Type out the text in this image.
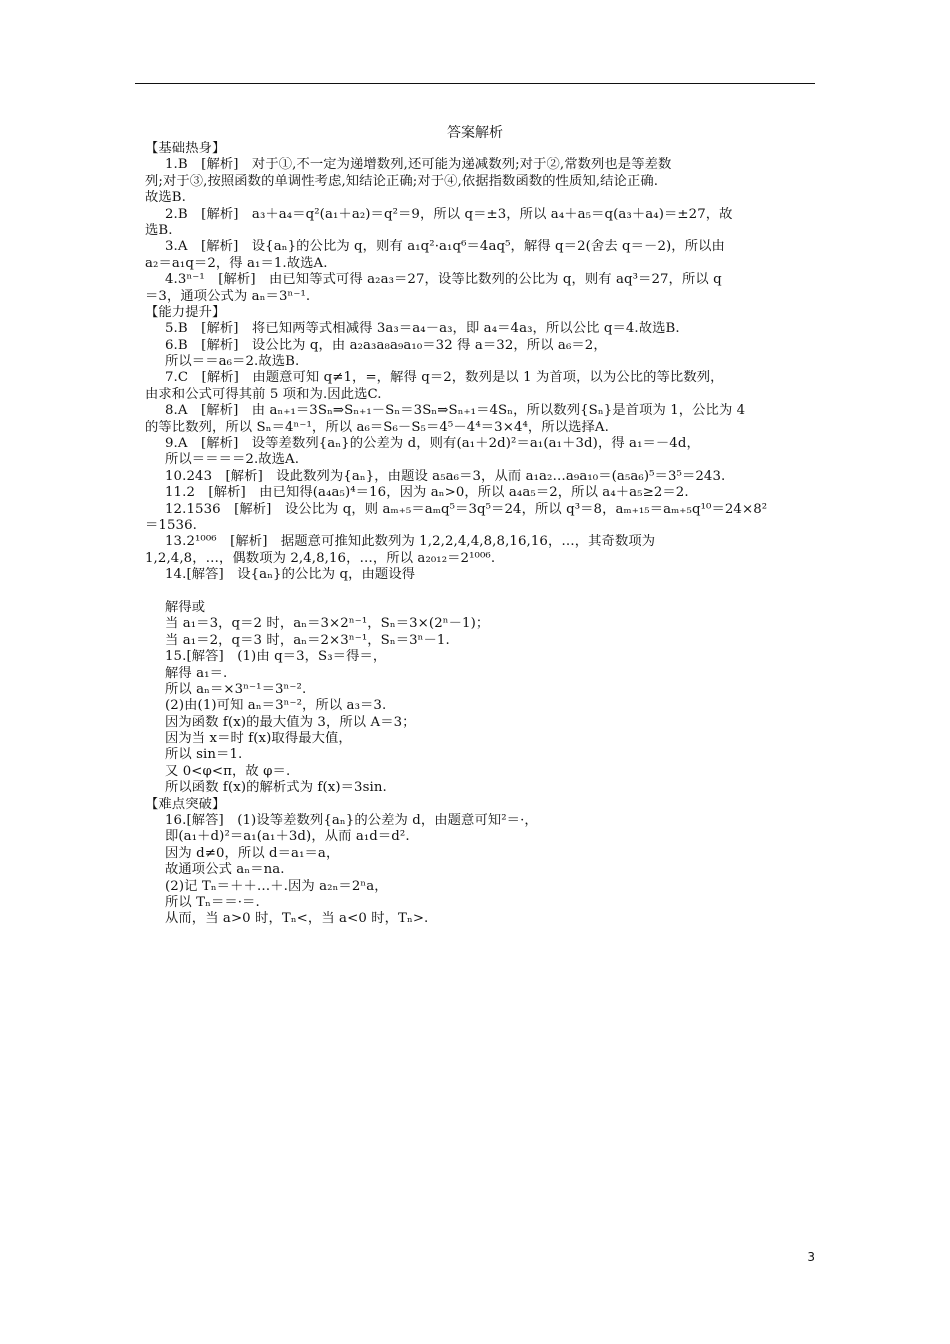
答案解析
【基础热身】
1.B　[解析]　对于①,不一定为递增数列,还可能为递减数列;对于②,常数列也是等差数
列;对于③,按照函数的单调性考虑,知结论正确;对于④,依据指数函数的性质知,结论正确.
故选B.
2.B　[解析]　a₃＋a₄＝q²(a₁＋a₂)＝q²＝9，所以 q＝±3，所以 a₄＋a₅＝q(a₃＋a₄)＝±27，故
选B.
3.A　[解析]　设{aₙ}的公比为 q，则有 a₁q²·a₁q⁶＝4aq⁵，解得 q＝2(舍去 q＝－2)，所以由
a₂＝a₁q＝2，得 a₁＝1.故选A.
4.3ⁿ⁻¹　[解析]　由已知等式可得 a₂a₃＝27，设等比数列的公比为 q，则有 aq³＝27，所以 q
＝3，通项公式为 aₙ＝3ⁿ⁻¹.
【能力提升】
5.B　[解析]　将已知两等式相减得 3a₃＝a₄－a₃，即 a₄＝4a₃，所以公比 q＝4.故选B.
6.B　[解析]　设公比为 q，由 a₂a₃a₈a₉a₁₀＝32 得 a＝32，所以 a₆＝2，
所以＝＝a₆＝2.故选B.
7.C　[解析]　由题意可知 q≠1，=，解得 q＝2，数列是以 1 为首项，以为公比的等比数列，
由求和公式可得其前 5 项和为.因此选C.
8.A　[解析]　由 aₙ₊₁＝3Sₙ⇒Sₙ₊₁－Sₙ＝3Sₙ⇒Sₙ₊₁＝4Sₙ，所以数列{Sₙ}是首项为 1，公比为 4
的等比数列，所以 Sₙ＝4ⁿ⁻¹，所以 a₆＝S₆－S₅＝4⁵－4⁴＝3×4⁴，所以选择A.
9.A　[解析]　设等差数列{aₙ}的公差为 d，则有(a₁＋2d)²＝a₁(a₁＋3d)，得 a₁＝－4d，
所以＝＝＝＝2.故选A.
10.243　[解析]　设此数列为{aₙ}，由题设 a₅a₆＝3，从而 a₁a₂…a₉a₁₀＝(a₅a₆)⁵＝3⁵＝243.
11.2　[解析]　由已知得(a₄a₅)⁴＝16，因为 aₙ>0，所以 a₄a₅＝2，所以 a₄＋a₅≥2＝2.
12.1536　[解析]　设公比为 q，则 aₘ₊₅＝aₘq⁵＝3q⁵＝24，所以 q³＝8，aₘ₊₁₅＝aₘ₊₅q¹⁰＝24×8²
＝1536.
13.2¹⁰⁰⁶　[解析]　据题意可推知此数列为 1,2,2,4,4,8,8,16,16，…，其奇数项为
1,2,4,8，…，偶数项为 2,4,8,16，…，所以 a₂₀₁₂＝2¹⁰⁰⁶.
14.[解答]　设{aₙ}的公比为 q，由题设得
解得或
当 a₁＝3，q＝2 时，aₙ＝3×2ⁿ⁻¹，Sₙ＝3×(2ⁿ－1)；
当 a₁＝2，q＝3 时，aₙ＝2×3ⁿ⁻¹，Sₙ＝3ⁿ－1.
15.[解答]　(1)由 q＝3，S₃＝得＝，
解得 a₁＝.
所以 aₙ＝×3ⁿ⁻¹＝3ⁿ⁻².
(2)由(1)可知 aₙ＝3ⁿ⁻²，所以 a₃＝3.
因为函数 f(x)的最大值为 3，所以 A＝3；
因为当 x＝时 f(x)取得最大值，
所以 sin＝1.
又 0<φ<π，故 φ＝.
所以函数 f(x)的解析式为 f(x)＝3sin.
【难点突破】
16.[解答]　(1)设等差数列{aₙ}的公差为 d，由题意可知²＝·，
即(a₁＋d)²＝a₁(a₁＋3d)，从而 a₁d＝d².
因为 d≠0，所以 d＝a₁＝a，
故通项公式 aₙ＝na.
(2)记 Tₙ＝＋＋…＋.因为 a₂ₙ＝2ⁿa，
所以 Tₙ＝＝·＝.
从而，当 a>0 时，Tₙ<，当 a<0 时，Tₙ>.
3
